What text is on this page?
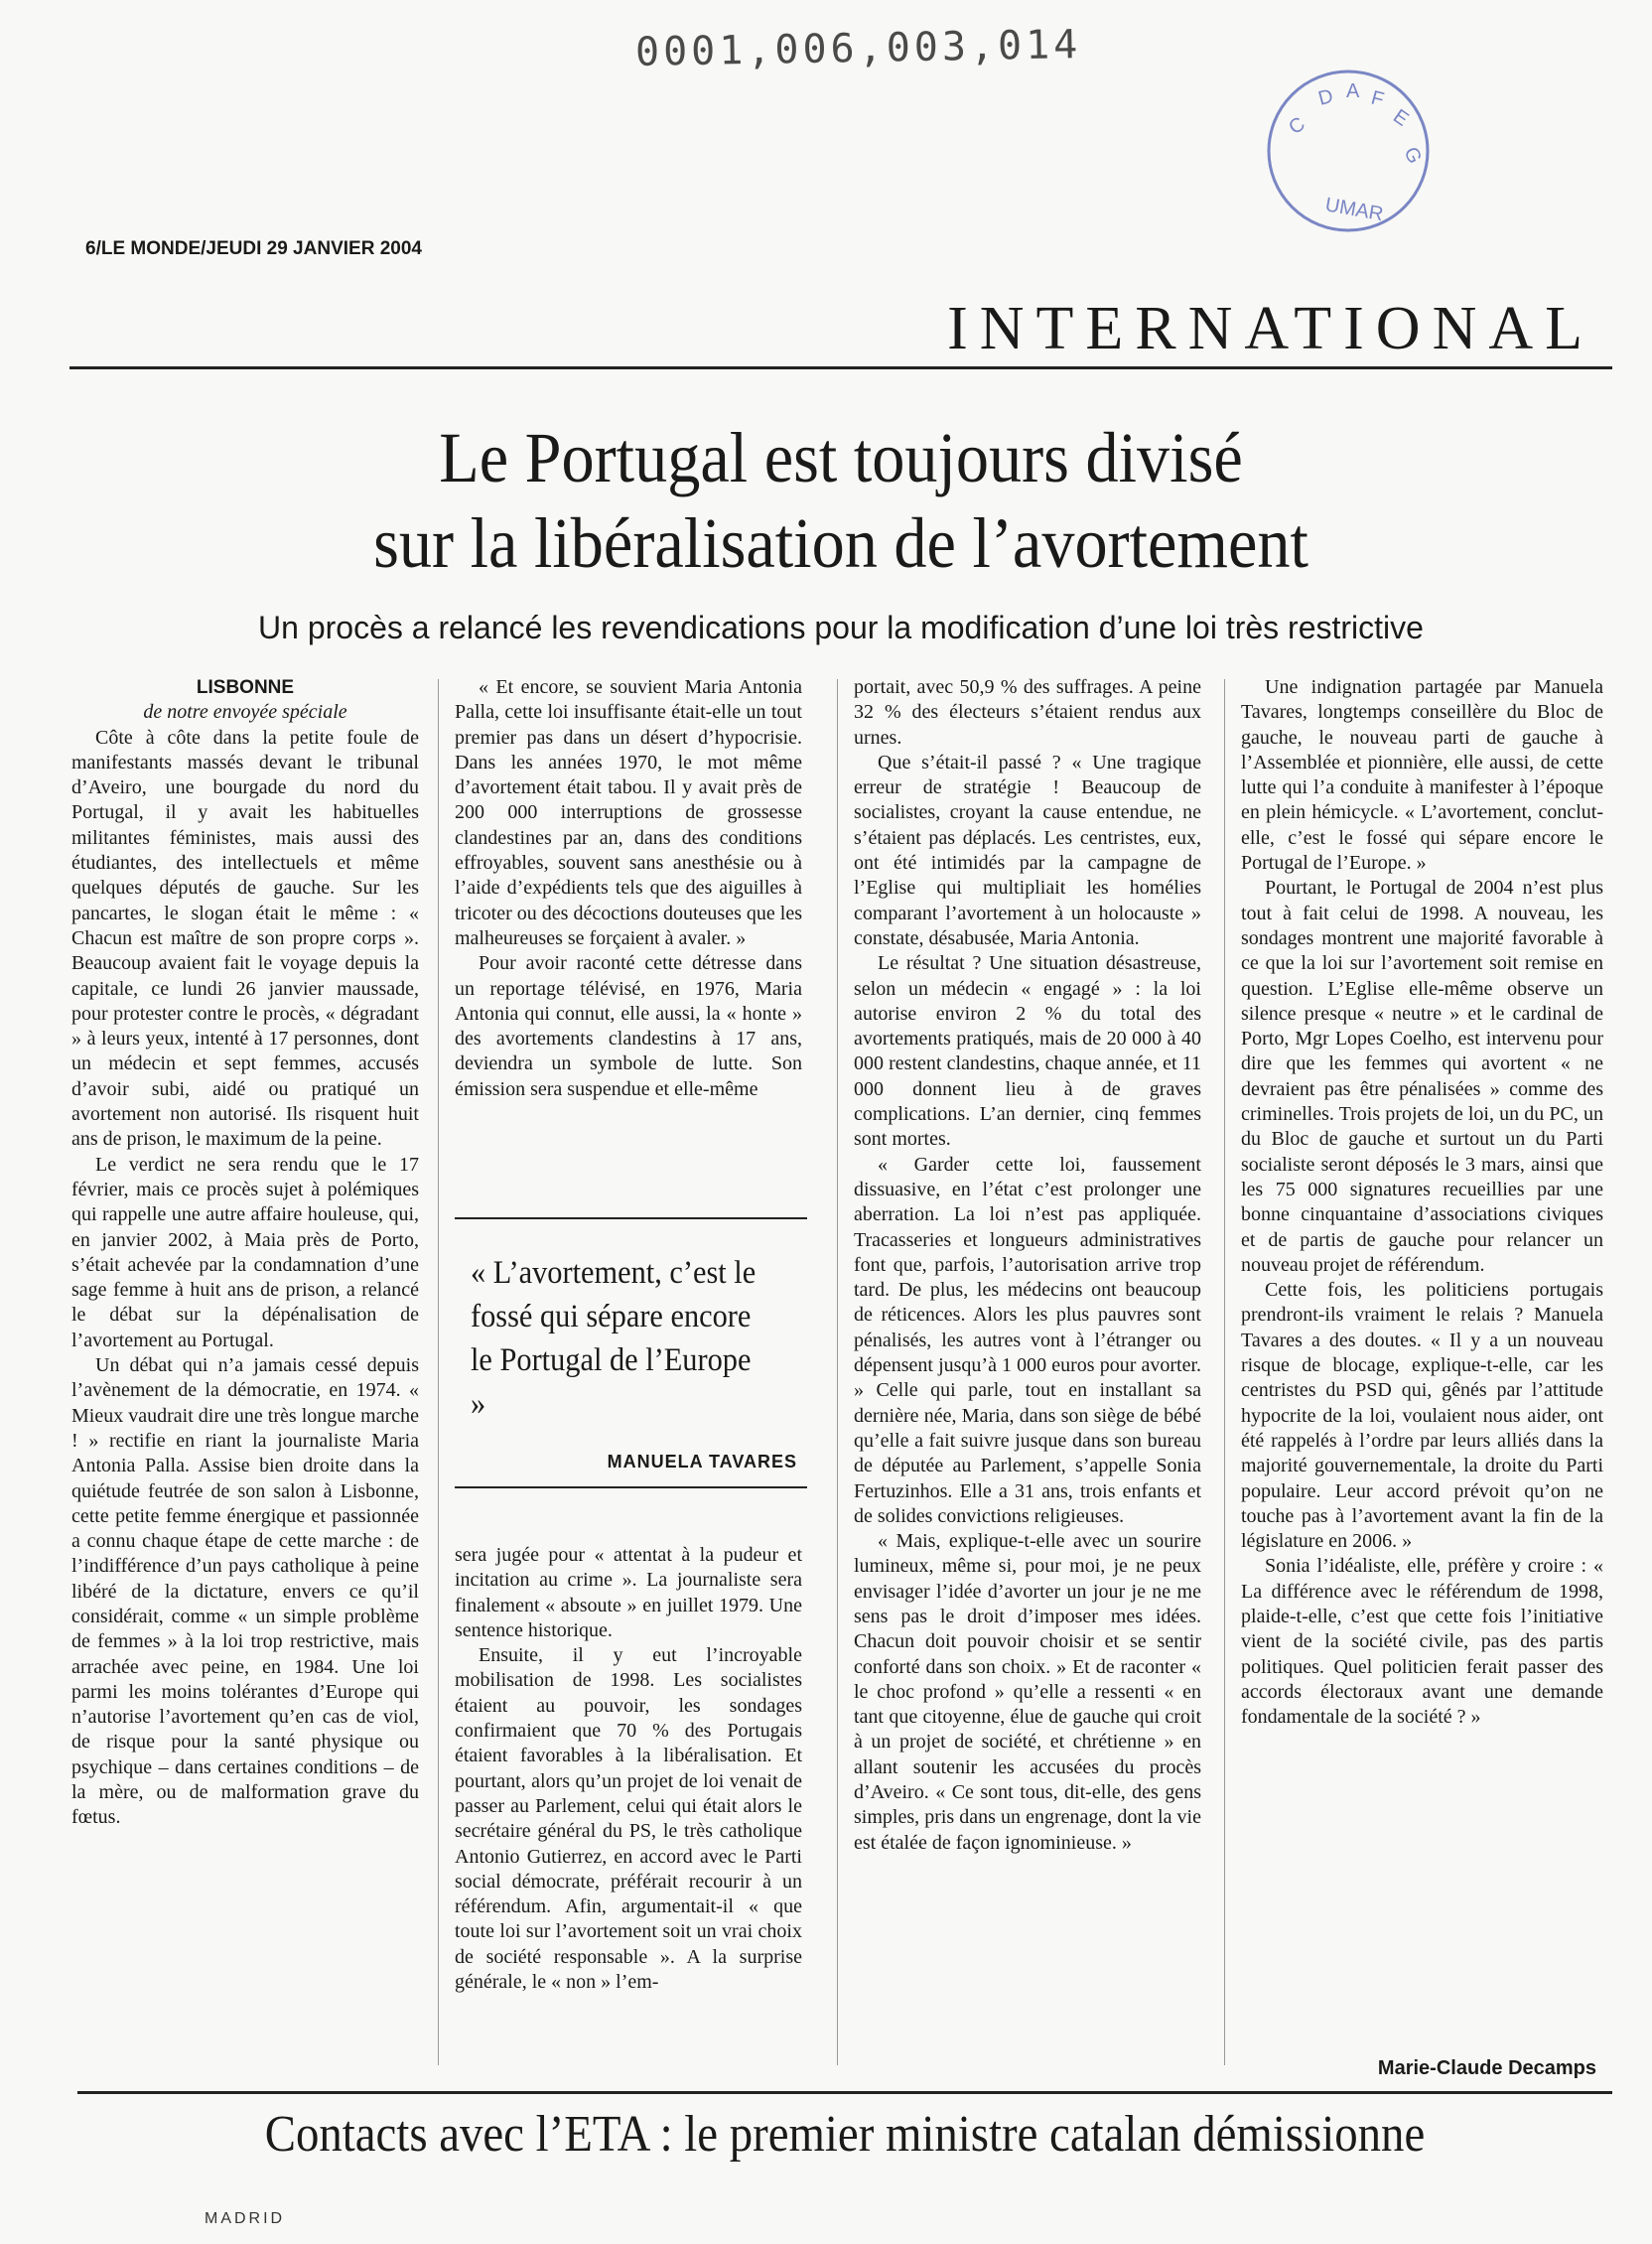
0001,006,003,014
C
D A F
E
G
UMAR
6/LE MONDE/JEUDI 29 JANVIER 2004
INTERNATIONAL
Le Portugal est toujours divisé
sur la libéralisation de l’avortement
Un procès a relancé les revendications pour la modification d’une loi très restrictive
LISBONNE
de notre envoyée spéciale

Côte à côte dans la petite foule de manifestants massés devant le tribunal d’Aveiro, une bourgade du nord du Portugal, il y avait les habituelles militantes féministes, mais aussi des étudiantes, des intellectuels et même quelques députés de gauche. Sur les pancartes, le slogan était le même : « Chacun est maître de son propre corps ». Beaucoup avaient fait le voyage depuis la capitale, ce lundi 26 janvier maussade, pour protester contre le procès, « dégradant » à leurs yeux, intenté à 17 personnes, dont un médecin et sept femmes, accusés d’avoir subi, aidé ou pratiqué un avortement non autorisé. Ils risquent huit ans de prison, le maximum de la peine.

Le verdict ne sera rendu que le 17 février, mais ce procès sujet à polémiques qui rappelle une autre affaire houleuse, qui, en janvier 2002, à Maia près de Porto, s’était achevée par la condamnation d’une sage femme à huit ans de prison, a relancé le débat sur la dépénalisation de l’avortement au Portugal.

Un débat qui n’a jamais cessé depuis l’avènement de la démocratie, en 1974. « Mieux vaudrait dire une très longue marche ! » rectifie en riant la journaliste Maria Antonia Palla. Assise bien droite dans la quiétude feutrée de son salon à Lisbonne, cette petite femme énergique et passionnée a connu chaque étape de cette marche : de l’indifférence d’un pays catholique à peine libéré de la dictature, envers ce qu’il considérait, comme « un simple problème de femmes » à la loi trop restrictive, mais arrachée avec peine, en 1984. Une loi parmi les moins tolérantes d’Europe qui n’autorise l’avortement qu’en cas de viol, de risque pour la santé physique ou psychique – dans certaines conditions – de la mère, ou de malformation grave du fœtus.

« Et encore, se souvient Maria Antonia Palla, cette loi insuffisante était-elle un tout premier pas dans un désert d’hypocrisie. Dans les années 1970, le mot même d’avortement était tabou. Il y avait près de 200 000 interruptions de grossesse clandestines par an, dans des conditions effroyables, souvent sans anesthésie ou à l’aide d’expédients tels que des aiguilles à tricoter ou des décoctions douteuses que les malheureuses se forçaient à avaler. »

Pour avoir raconté cette détresse dans un reportage télévisé, en 1976, Maria Antonia qui connut, elle aussi, la « honte » des avortements clandestins à 17 ans, deviendra un symbole de lutte. Son émission sera suspendue et elle-même

« L’avortement, c’est le fossé qui sépare encore le Portugal de l’Europe »
MANUELA TAVARES

sera jugée pour « attentat à la pudeur et incitation au crime ». La journaliste sera finalement « absoute » en juillet 1979. Une sentence historique.

Ensuite, il y eut l’incroyable mobilisation de 1998. Les socialistes étaient au pouvoir, les sondages confirmaient que 70 % des Portugais étaient favorables à la libéralisation. Et pourtant, alors qu’un projet de loi venait de passer au Parlement, celui qui était alors le secrétaire général du PS, le très catholique Antonio Gutierrez, en accord avec le Parti social démocrate, préférait recourir à un référendum. Afin, argumentait-il « que toute loi sur l’avortement soit un vrai choix de société responsable ». A la surprise générale, le « non » l’em-

portait, avec 50,9 % des suffrages. A peine 32 % des électeurs s’étaient rendus aux urnes.

Que s’était-il passé ? « Une tragique erreur de stratégie ! Beaucoup de socialistes, croyant la cause entendue, ne s’étaient pas déplacés. Les centristes, eux, ont été intimidés par la campagne de l’Eglise qui multipliait les homélies comparant l’avortement à un holocauste » constate, désabusée, Maria Antonia.

Le résultat ? Une situation désastreuse, selon un médecin « engagé » : la loi autorise environ 2 % du total des avortements pratiqués, mais de 20 000 à 40 000 restent clandestins, chaque année, et 11 000 donnent lieu à de graves complications. L’an dernier, cinq femmes sont mortes.

« Garder cette loi, faussement dissuasive, en l’état c’est prolonger une aberration. La loi n’est pas appliquée. Tracasseries et longueurs administratives font que, parfois, l’autorisation arrive trop tard. De plus, les médecins ont beaucoup de réticences. Alors les plus pauvres sont pénalisés, les autres vont à l’étranger ou dépensent jusqu’à 1 000 euros pour avorter. » Celle qui parle, tout en installant sa dernière née, Maria, dans son siège de bébé qu’elle a fait suivre jusque dans son bureau de députée au Parlement, s’appelle Sonia Fertuzinhos. Elle a 31 ans, trois enfants et de solides convictions religieuses.

« Mais, explique-t-elle avec un sourire lumineux, même si, pour moi, je ne peux envisager l’idée d’avorter un jour je ne me sens pas le droit d’imposer mes idées. Chacun doit pouvoir choisir et se sentir conforté dans son choix. » Et de raconter « le choc profond » qu’elle a ressenti « en tant que citoyenne, élue de gauche qui croit à un projet de société, et chrétienne » en allant soutenir les accusées du procès d’Aveiro. « Ce sont tous, dit-elle, des gens simples, pris dans un engrenage, dont la vie est étalée de façon ignominieuse. »

Une indignation partagée par Manuela Tavares, longtemps conseillère du Bloc de gauche, le nouveau parti de gauche à l’Assemblée et pionnière, elle aussi, de cette lutte qui l’a conduite à manifester à l’époque en plein hémicycle. « L’avortement, conclut-elle, c’est le fossé qui sépare encore le Portugal de l’Europe. »

Pourtant, le Portugal de 2004 n’est plus tout à fait celui de 1998. A nouveau, les sondages montrent une majorité favorable à ce que la loi sur l’avortement soit remise en question. L’Eglise elle-même observe un silence presque « neutre » et le cardinal de Porto, Mgr Lopes Coelho, est intervenu pour dire que les femmes qui avortent « ne devraient pas être pénalisées » comme des criminelles. Trois projets de loi, un du PC, un du Bloc de gauche et surtout un du Parti socialiste seront déposés le 3 mars, ainsi que les 75 000 signatures recueillies par une bonne cinquantaine d’associations civiques et de partis de gauche pour relancer un nouveau projet de référendum.

Cette fois, les politiciens portugais prendront-ils vraiment le relais ? Manuela Tavares a des doutes. « Il y a un nouveau risque de blocage, explique-t-elle, car les centristes du PSD qui, gênés par l’attitude hypocrite de la loi, voulaient nous aider, ont été rappelés à l’ordre par leurs alliés dans la majorité gouvernementale, la droite du Parti populaire. Leur accord prévoit qu’on ne touche pas à l’avortement avant la fin de la législature en 2006. »

Sonia l’idéaliste, elle, préfère y croire : « La différence avec le référendum de 1998, plaide-t-elle, c’est que cette fois l’initiative vient de la société civile, pas des partis politiques. Quel politicien ferait passer des accords électoraux avant une demande fondamentale de la société ? »

Marie-Claude Decamps
Contacts avec l’ETA : le premier ministre catalan démissionne
MADRID
